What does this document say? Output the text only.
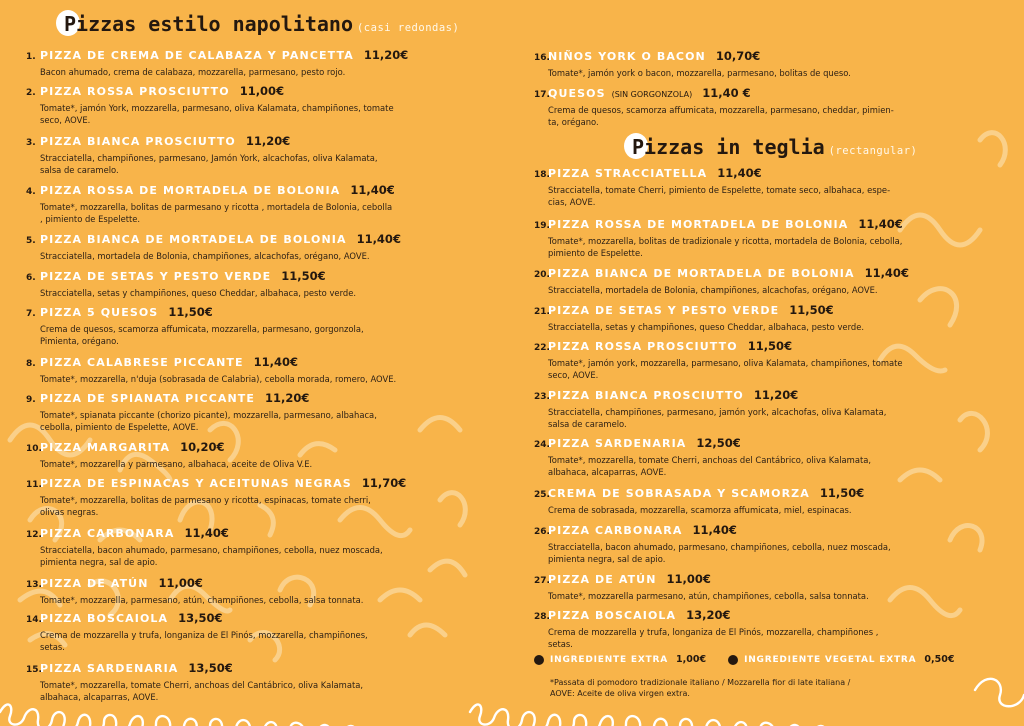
Pizzas estilo napolitano (casi redondas)
1. PIZZA DE CREMA DE CALABAZA Y PANCETTA 11,20€
Bacon ahumado, crema de calabaza, mozzarella, parmesano, pesto rojo.
2. PIZZA ROSSA PROSCIUTTO 11,00€
Tomate*, jamón York, mozzarella, parmesano, oliva Kalamata, champiñones, tomate
seco, AOVE.
3. PIZZA BIANCA PROSCIUTTO 11,20€
Stracciatella, champiñones, parmesano, Jamón York, alcachofas, oliva Kalamata,
salsa de caramelo.
4. PIZZA ROSSA DE MORTADELA DE BOLONIA 11,40€
Tomate*, mozzarella, bolitas de parmesano y ricotta , mortadela de Bolonia, cebolla
, pimiento de Espelette.
5. PIZZA BIANCA DE MORTADELA DE BOLONIA 11,40€
Stracciatella, mortadela de Bolonia, champiñones, alcachofas, orégano, AOVE.
6. PIZZA DE SETAS Y PESTO VERDE 11,50€
Stracciatella, setas y champiñones, queso Cheddar, albahaca, pesto verde.
7. PIZZA 5 QUESOS 11,50€
Crema de quesos, scamorza affumicata, mozzarella, parmesano, gorgonzola,
Pimienta, orégano.
8. PIZZA CALABRESE PICCANTE 11,40€
Tomate*, mozzarella, n'duja (sobrasada de Calabria), cebolla morada, romero, AOVE.
9. PIZZA DE SPIANATA PICCANTE 11,20€
Tomate*, spianata piccante (chorizo picante), mozzarella, parmesano, albahaca,
cebolla, pimiento de Espelette, AOVE.
10.
PIZZA MARGARITA 10,20€
Tomate*, mozzarella y parmesano, albahaca, aceite de Oliva V.E.
11.
PIZZA DE ESPINACAS Y ACEITUNAS NEGRAS 11,70€
Tomate*, mozzarella, bolitas de parmesano y ricotta, espinacas, tomate cherri,
olivas negras.
12.
PIZZA CARBONARA 11,40€
Stracciatella, bacon ahumado, parmesano, champiñones, cebolla, nuez moscada,
pimienta negra, sal de apio.
13.
PIZZA DE ATÚN 11,00€
Tomate*, mozzarella, parmesano, atún, champiñones, cebolla, salsa tonnata.
14.
PIZZA BOSCAIOLA 13,50€
Crema de mozzarella y trufa, longaniza de El Pinós, mozzarella, champiñones,
setas.
15.
PIZZA SARDENARIA 13,50€
Tomate*, mozzarella, tomate Cherri, anchoas del Cantábrico, oliva Kalamata,
albahaca, alcaparras, AOVE.
16.
NIÑOS YORK O BACON 10,70€
Tomate*, jamón york o bacon, mozzarella, parmesano, bolitas de queso.
17.
QUESOS (SIN GORGONZOLA) 11,40 €
Crema de quesos, scamorza affumicata, mozzarella, parmesano, cheddar, pimien-
ta, orégano.
Pizzas in teglia (rectangular)
18.
PIZZA STRACCIATELLA 11,40€
Stracciatella, tomate Cherri, pimiento de Espelette, tomate seco, albahaca, espe-
cias, AOVE.
19.
PIZZA ROSSA DE MORTADELA DE BOLONIA 11,40€
Tomate*, mozzarella, bolitas de tradizionale y ricotta, mortadela de Bolonia, cebolla,
pimiento de Espelette.
20.
PIZZA BIANCA DE MORTADELA DE BOLONIA 11,40€
Stracciatella, mortadela de Bolonia, champiñones, alcachofas, orégano, AOVE.
21.
PIZZA DE SETAS Y PESTO VERDE 11,50€
Stracciatella, setas y champiñones, queso Cheddar, albahaca, pesto verde.
22.
PIZZA ROSSA PROSCIUTTO 11,50€
Tomate*, jamón york, mozzarella, parmesano, oliva Kalamata, champiñones, tomate
seco, AOVE.
23.
PIZZA BIANCA PROSCIUTTO 11,20€
Stracciatella, champiñones, parmesano, jamón york, alcachofas, oliva Kalamata,
salsa de caramelo.
24.
PIZZA SARDENARIA 12,50€
Tomate*, mozzarella, tomate Cherri, anchoas del Cantábrico, oliva Kalamata,
albahaca, alcaparras, AOVE.
25.
CREMA DE SOBRASADA Y SCAMORZA 11,50€
Crema de sobrasada, mozzarella, scamorza affumicata, miel, espinacas.
26.
PIZZA CARBONARA 11,40€
Stracciatella, bacon ahumado, parmesano, champiñones, cebolla, nuez moscada,
pimienta negra, sal de apio.
27.
PIZZA DE ATÚN 11,00€
Tomate*, mozzarella parmesano, atún, champiñones, cebolla, salsa tonnata.
28.
PIZZA BOSCAIOLA 13,20€
Crema de mozzarella y trufa, longaniza de El Pinós, mozzarella, champiñones ,
setas.
INGREDIENTE EXTRA 1,00€	INGREDIENTE VEGETAL EXTRA 0,50€
*Passata di pomodoro tradizionale italiano / Mozzarella fior di late italiana /
AOVE: Aceite de oliva virgen extra.
